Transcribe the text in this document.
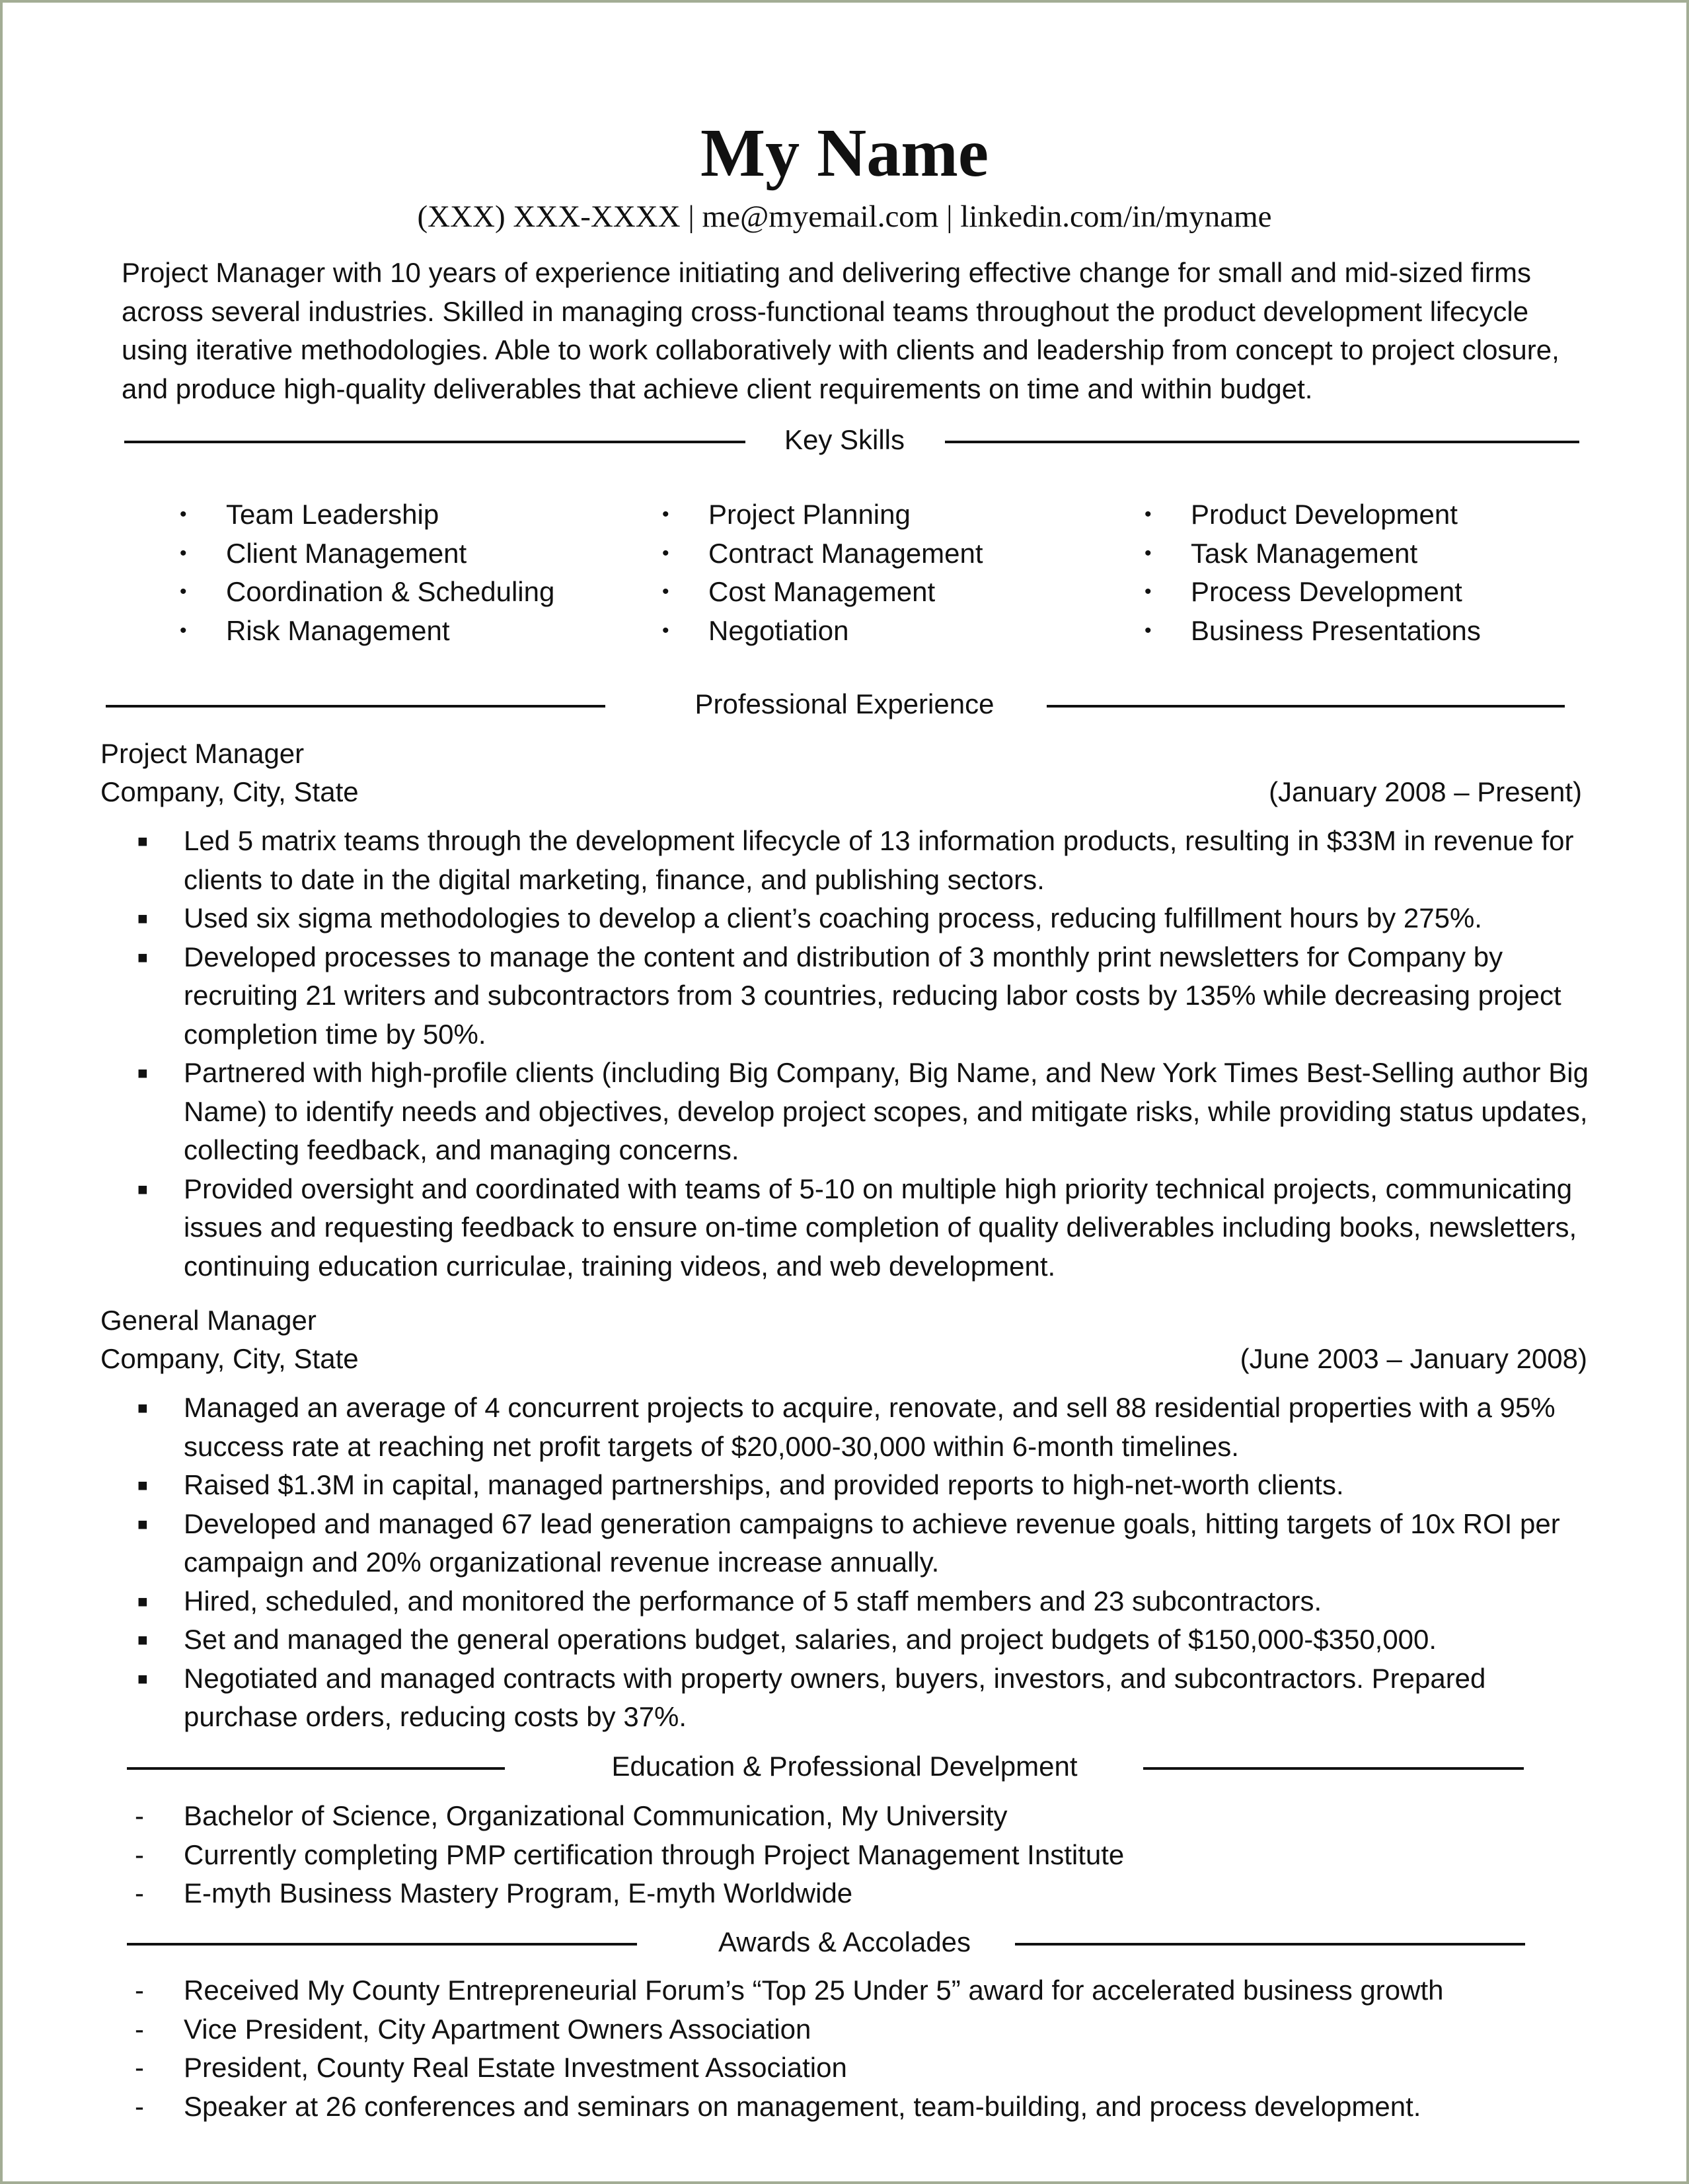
My Name
(XXX) XXX-XXXX | me@myemail.com | linkedin.com/in/myname
Project Manager with 10 years of experience initiating and delivering effective change for small and mid-sized firms across several industries. Skilled in managing cross-functional teams throughout the product development lifecycle using iterative methodologies. Able to work collaboratively with clients and leadership from concept to project closure, and produce high-quality deliverables that achieve client requirements on time and within budget.
Key Skills
• Team Leadership
• Client Management
• Coordination & Scheduling
• Risk Management
• Project Planning
• Contract Management
• Cost Management
• Negotiation
• Product Development
• Task Management
• Process Development
• Business Presentations
Professional Experience
Project Manager
Company, City, State	(January 2008 – Present)
■ Led 5 matrix teams through the development lifecycle of 13 information products, resulting in $33M in revenue for clients to date in the digital marketing, finance, and publishing sectors.
■ Used six sigma methodologies to develop a client’s coaching process, reducing fulfillment hours by 275%.
■ Developed processes to manage the content and distribution of 3 monthly print newsletters for Company by recruiting 21 writers and subcontractors from 3 countries, reducing labor costs by 135% while decreasing project completion time by 50%.
■ Partnered with high-profile clients (including Big Company, Big Name, and New York Times Best-Selling author Big Name) to identify needs and objectives, develop project scopes, and mitigate risks, while providing status updates, collecting feedback, and managing concerns.
■ Provided oversight and coordinated with teams of 5-10 on multiple high priority technical projects, communicating issues and requesting feedback to ensure on-time completion of quality deliverables including books, newsletters, continuing education curriculae, training videos, and web development.
General Manager
Company, City, State	(June 2003 – January 2008)
■ Managed an average of 4 concurrent projects to acquire, renovate, and sell 88 residential properties with a 95% success rate at reaching net profit targets of $20,000-30,000 within 6-month timelines.
■ Raised $1.3M in capital, managed partnerships, and provided reports to high-net-worth clients.
■ Developed and managed 67 lead generation campaigns to achieve revenue goals, hitting targets of 10x ROI per campaign and 20% organizational revenue increase annually.
■ Hired, scheduled, and monitored the performance of 5 staff members and 23 subcontractors.
■ Set and managed the general operations budget, salaries, and project budgets of $150,000-$350,000.
■ Negotiated and managed contracts with property owners, buyers, investors, and subcontractors. Prepared purchase orders, reducing costs by 37%.
Education & Professional Develpment
- Bachelor of Science, Organizational Communication, My University
- Currently completing PMP certification through Project Management Institute
- E-myth Business Mastery Program, E-myth Worldwide
Awards & Accolades
- Received My County Entrepreneurial Forum’s “Top 25 Under 5” award for accelerated business growth
- Vice President, City Apartment Owners Association
- President, County Real Estate Investment Association
- Speaker at 26 conferences and seminars on management, team-building, and process development.
